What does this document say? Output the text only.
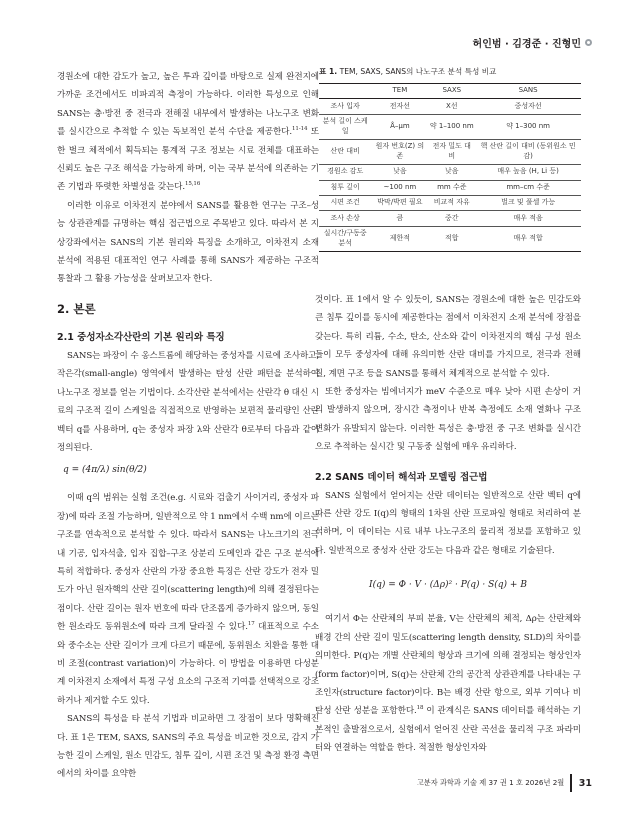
허인범 · 김경준 · 진형민

경원소에 대한 감도가 높고, 높은 투과 깊이를 바탕으로 실제 완전지에 가까운 조건에서도 비파괴적 측정이 가능하다. 이러한 특성으로 인해 SANS는 충·방전 중 전극과 전해질 내부에서 발생하는 나노구조 변화를 실시간으로 추적할 수 있는 독보적인 분석 수단을 제공한다.$^{11-14}$ 또한 벌크 체적에서 획득되는 통계적 구조 정보는 시료 전체를 대표하는 신뢰도 높은 구조 해석을 가능하게 하며, 이는 국부 분석에 의존하는 기존 기법과 뚜렷한 차별성을 갖는다.$^{15,16}$

이러한 이유로 이차전지 분야에서 SANS를 활용한 연구는 구조–성능 상관관계를 규명하는 핵심 접근법으로 주목받고 있다. 따라서 본 지상강좌에서는 SANS의 기본 원리와 특징을 소개하고, 이차전지 소재 분석에 적용된 대표적인 연구 사례를 통해 SANS가 제공하는 구조적 통찰과 그 활용 가능성을 살펴보고자 한다.

2. 본론
2.1 중성자소각산란의 기본 원리와 특징

SANS는 파장이 수 옹스트롬에 해당하는 중성자를 시료에 조사하고, 작은각(small-angle) 영역에서 발생하는 탄성 산란 패턴을 분석하여 나노구조 정보를 얻는 기법이다. 소각산란 분석에서는 산란각 θ 대신 시료의 구조적 길이 스케일을 직접적으로 반영하는 보편적 물리량인 산란 벡터 q를 사용하며, q는 중성자 파장 λ와 산란각 θ로부터 다음과 같이 정의된다.

q = (4π/λ) sin(θ/2)

이때 q의 범위는 실험 조건(e.g. 시료와 검출기 사이거리, 중성자 파장)에 따라 조절 가능하며, 일반적으로 약 1 nm에서 수백 nm에 이르는 구조를 연속적으로 분석할 수 있다. 따라서 SANS는 나노크기의 전극 내 기공, 입자석출, 입자 집합–구조 상분리 도메인과 같은 구조 분석에 특히 적합하다. 중성자 산란의 가장 중요한 특징은 산란 강도가 전자 밀도가 아닌 원자핵의 산란 길이(scattering length)에 의해 결정된다는 점이다. 산란 길이는 원자 번호에 따라 단조롭게 증가하지 않으며, 동일한 원소라도 동위원소에 따라 크게 달라질 수 있다.$^{17}$ 대표적으로 수소와 중수소는 산란 길이가 크게 다르기 때문에, 동위원소 치환을 통한 대비 조절(contrast variation)이 가능하다. 이 방법을 이용하면 다성분계 이차전지 소재에서 특정 구성 요소의 구조적 기여를 선택적으로 강조하거나 제거할 수도 있다.

SANS의 특성을 타 분석 기법과 비교하면 그 장점이 보다 명확해진다. 표 1은 TEM, SAXS, SANS의 주요 특성을 비교한 것으로, 감지 가능한 길이 스케일, 원소 민감도, 침투 깊이, 시편 조건 및 측정 환경 측면에서의 차이를 요약한

표 1. TEM, SAXS, SANS의 나노구조 분석 특성 비교
	TEM	SAXS	SANS
조사 입자	전자선	X선	중성자선
분석 길이 스케일	Å–μm	약 1–100 nm	약 1–300 nm
산란 대비	원자 번호(Z) 의존	전자 밀도 대비	핵 산란 길이 대비 (동위원소 민감)
경원소 감도	낮음	낮음	매우 높음 (H, Li 등)
침투 깊이	~100 nm	mm 수준	mm–cm 수준
시편 조건	박막/박편 필요	비교적 자유	벌크 및 풀셀 가능
조사 손상	큼	중간	매우 적음
실시간/구동중 분석	제한적	적합	매우 적합

것이다. 표 1에서 알 수 있듯이, SANS는 경원소에 대한 높은 민감도와 큰 침투 깊이를 동시에 제공한다는 점에서 이차전지 소재 분석에 장점을 갖는다. 특히 리튬, 수소, 탄소, 산소와 같이 이차전지의 핵심 구성 원소들이 모두 중성자에 대해 유의미한 산란 대비를 가지므로, 전극과 전해질, 계면 구조 등을 SANS를 통해서 체계적으로 분석할 수 있다.

또한 중성자는 빔에너지가 meV 수준으로 매우 낮아 시편 손상이 거의 발생하지 않으며, 장시간 측정이나 반복 측정에도 소재 열화나 구조 변화가 유발되지 않는다. 이러한 특성은 충·방전 중 구조 변화를 실시간으로 추적하는 실시간 및 구동중 실험에 매우 유리하다.

2.2 SANS 데이터 해석과 모델링 접근법

SANS 실험에서 얻어지는 산란 데이터는 일반적으로 산란 벡터 q에 따른 산란 강도 I(q)의 형태의 1차원 산란 프로파일 형태로 처리하여 분석하며, 이 데이터는 시료 내부 나노구조의 물리적 정보를 포함하고 있다. 일반적으로 중성자 산란 강도는 다음과 같은 형태로 기술된다.

I(q) = Φ · V · (Δρ)² · P(q) · S(q) + B

여기서 Φ는 산란체의 부피 분율, V는 산란체의 체적, Δρ는 산란체와 배경 간의 산란 길이 밀도(scattering length density, SLD)의 차이를 의미한다. P(q)는 개별 산란체의 형상과 크기에 의해 결정되는 형상인자(form factor)이며, S(q)는 산란체 간의 공간적 상관관계를 나타내는 구조인자(structure factor)이다. B는 배경 산란 항으로, 외부 기여나 비탄성 산란 성분을 포함한다.$^{18}$ 이 관계식은 SANS 데이터를 해석하는 기본적인 출발점으로서, 실험에서 얻어진 산란 곡선을 물리적 구조 파라미터와 연결하는 역할을 한다. 적절한 형상인자와

고분자 과학과 기술 제 37 권 1 호 2026년 2월 31
